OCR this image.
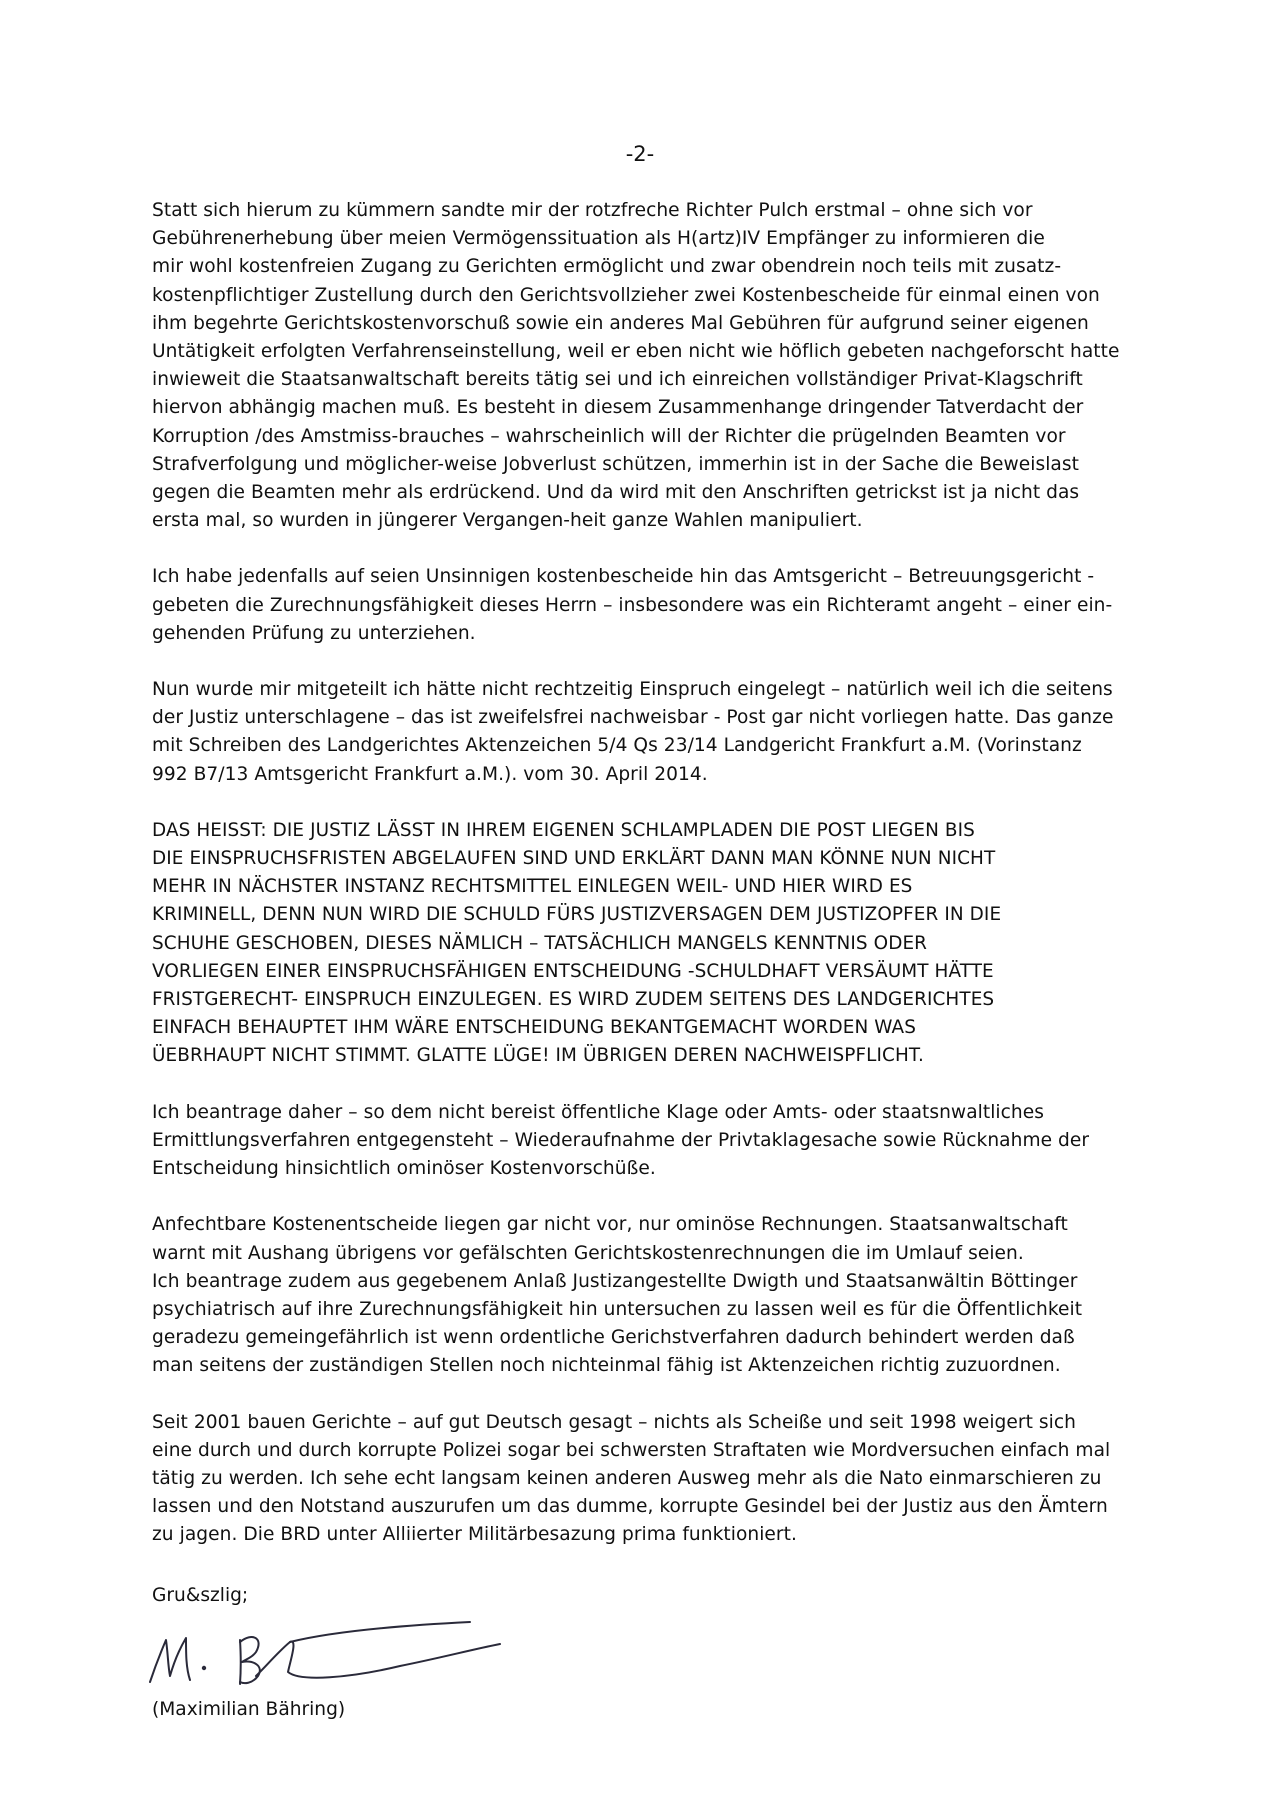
-2-
Statt sich hierum zu kümmern sandte mir der rotzfreche Richter Pulch erstmal – ohne sich vor
Gebührenerhebung über meien Vermögenssituation als H(artz)IV Empfänger zu informieren die
mir wohl kostenfreien Zugang zu Gerichten ermöglicht und zwar obendrein noch teils mit zusatz-
kostenpflichtiger Zustellung durch den Gerichtsvollzieher zwei Kostenbescheide für einmal einen von
ihm begehrte Gerichtskostenvorschuß sowie ein anderes Mal Gebühren für aufgrund seiner eigenen
Untätigkeit erfolgten Verfahrenseinstellung, weil er eben nicht wie höflich gebeten nachgeforscht hatte
inwieweit die Staatsanwaltschaft bereits tätig sei und ich einreichen vollständiger Privat-Klagschrift
hiervon abhängig machen muß. Es besteht in diesem Zusammenhange dringender Tatverdacht der
Korruption /des Amstmiss-brauches – wahrscheinlich will der Richter die prügelnden Beamten vor
Strafverfolgung und möglicher-weise Jobverlust schützen, immerhin ist in der Sache die Beweislast
gegen die Beamten mehr als erdrückend. Und da wird mit den Anschriften getrickst ist ja nicht das
ersta mal, so wurden in jüngerer Vergangen-heit ganze Wahlen manipuliert.
Ich habe jedenfalls auf seien Unsinnigen kostenbescheide hin das Amtsgericht – Betreuungsgericht -
gebeten die Zurechnungsfähigkeit dieses Herrn – insbesondere was ein Richteramt angeht – einer ein-
gehenden Prüfung zu unterziehen.
Nun wurde mir mitgeteilt ich hätte nicht rechtzeitig Einspruch eingelegt – natürlich weil ich die seitens
der Justiz unterschlagene – das ist zweifelsfrei nachweisbar - Post gar nicht vorliegen hatte. Das ganze
mit Schreiben des Landgerichtes Aktenzeichen 5/4 Qs 23/14 Landgericht Frankfurt a.M. (Vorinstanz
992 B7/13 Amtsgericht Frankfurt a.M.). vom 30. April 2014.
DAS HEISST: DIE JUSTIZ LÄSST IN IHREM EIGENEN SCHLAMPLADEN DIE POST LIEGEN BIS
DIE EINSPRUCHSFRISTEN ABGELAUFEN SIND UND ERKLÄRT DANN MAN KÖNNE NUN NICHT
MEHR IN NÄCHSTER INSTANZ RECHTSMITTEL EINLEGEN WEIL- UND HIER WIRD ES
KRIMINELL, DENN NUN WIRD DIE SCHULD FÜRS JUSTIZVERSAGEN DEM JUSTIZOPFER IN DIE
SCHUHE GESCHOBEN, DIESES NÄMLICH – TATSÄCHLICH MANGELS KENNTNIS ODER
VORLIEGEN EINER EINSPRUCHSFÄHIGEN ENTSCHEIDUNG -SCHULDHAFT VERSÄUMT HÄTTE
FRISTGERECHT- EINSPRUCH EINZULEGEN. ES WIRD ZUDEM SEITENS DES LANDGERICHTES
EINFACH BEHAUPTET IHM WÄRE ENTSCHEIDUNG BEKANTGEMACHT WORDEN WAS
ÜEBRHAUPT NICHT STIMMT. GLATTE LÜGE! IM ÜBRIGEN DEREN NACHWEISPFLICHT.
Ich beantrage daher – so dem nicht bereist öffentliche Klage oder Amts- oder staatsnwaltliches
Ermittlungsverfahren entgegensteht – Wiederaufnahme der Privtaklagesache sowie Rücknahme der
Entscheidung hinsichtlich ominöser Kostenvorschüße.
Anfechtbare Kostenentscheide liegen gar nicht vor, nur ominöse Rechnungen. Staatsanwaltschaft
warnt mit Aushang übrigens vor gefälschten Gerichtskostenrechnungen die im Umlauf seien.
Ich beantrage zudem aus gegebenem Anlaß Justizangestellte Dwigth und Staatsanwältin Böttinger
psychiatrisch auf ihre Zurechnungsfähigkeit hin untersuchen zu lassen weil es für die Öffentlichkeit
geradezu gemeingefährlich ist wenn ordentliche Gerichstverfahren dadurch behindert werden daß
man seitens der zuständigen Stellen noch nichteinmal fähig ist Aktenzeichen richtig zuzuordnen.
Seit 2001 bauen Gerichte – auf gut Deutsch gesagt – nichts als Scheiße und seit 1998 weigert sich
eine durch und durch korrupte Polizei sogar bei schwersten Straftaten wie Mordversuchen einfach mal
tätig zu werden. Ich sehe echt langsam keinen anderen Ausweg mehr als die Nato einmarschieren zu
lassen und den Notstand auszurufen um das dumme, korrupte Gesindel bei der Justiz aus den Ämtern
zu jagen. Die BRD unter Alliierter Militärbesazung prima funktioniert.
Gru&szlig;
(Maximilian Bähring)
